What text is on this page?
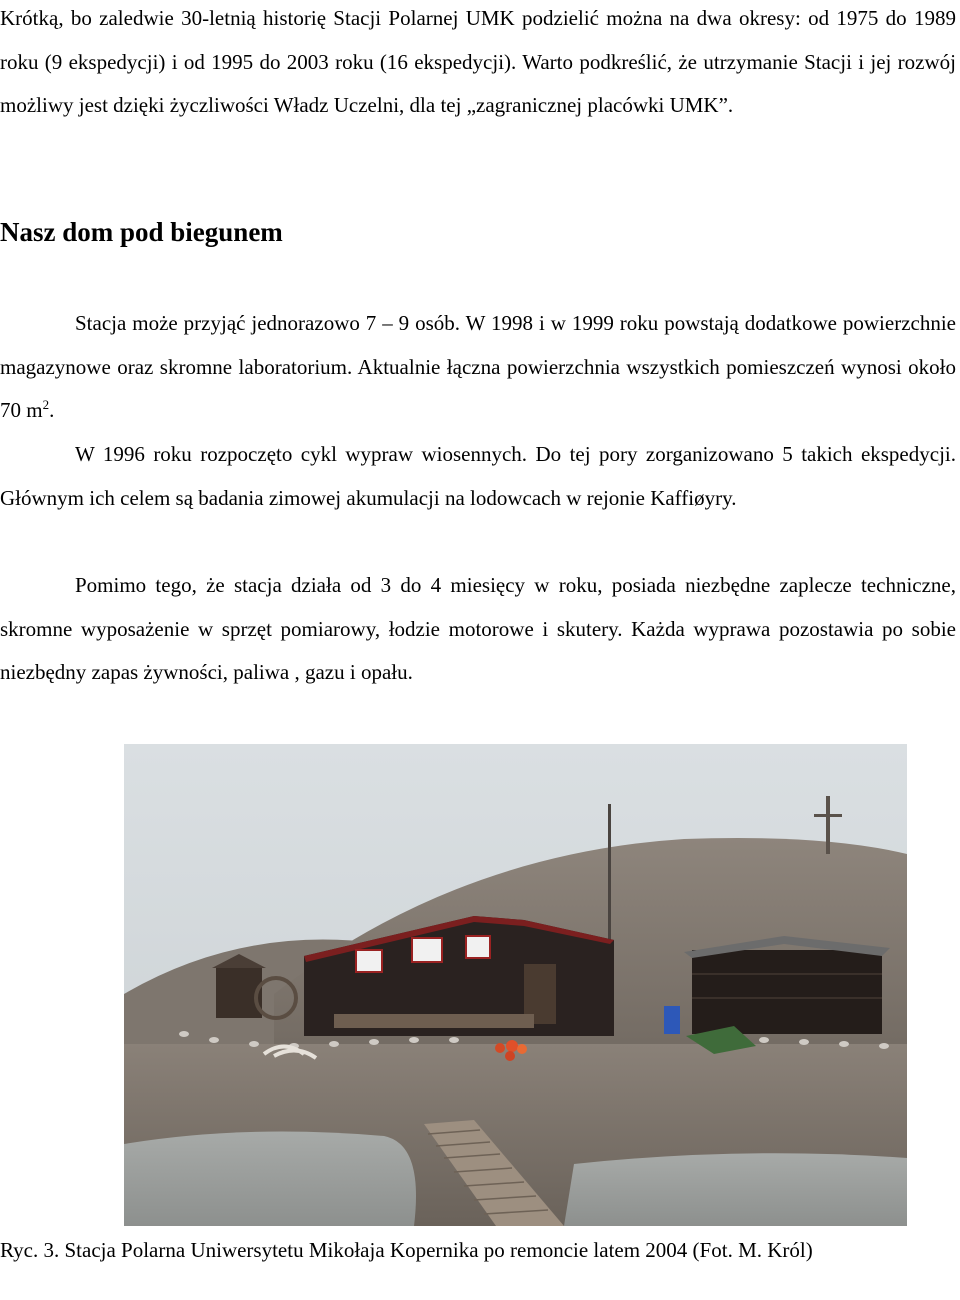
Krótką, bo zaledwie 30-letnią historię Stacji Polarnej UMK podzielić można na dwa okresy: od 1975 do 1989 roku (9 ekspedycji) i od 1995 do 2003 roku (16 ekspedycji). Warto podkreślić, że utrzymanie Stacji i jej rozwój możliwy jest dzięki życzliwości Władz Uczelni, dla tej „zagranicznej placówki UMK”.

Nasz dom pod biegunem

Stacja może przyjąć jednorazowo 7 – 9 osób. W 1998 i w 1999 roku powstają dodatkowe powierzchnie magazynowe oraz skromne laboratorium. Aktualnie łączna powierzchnia wszystkich pomieszczeń wynosi około 70 $m^2$.

W 1996 roku rozpoczęto cykl wypraw wiosennych. Do tej pory zorganizowano 5 takich ekspedycji. Głównym ich celem są badania zimowej akumulacji na lodowcach w rejonie Kaffiøyry.

Pomimo tego, że stacja działa od 3 do 4 miesięcy w roku, posiada niezbędne zaplecze techniczne, skromne wyposażenie w sprzęt pomiarowy, łodzie motorowe i skutery. Każda wyprawa pozostawia po sobie niezbędny zapas żywności, paliwa , gazu i opału.

Ryc. 3. Stacja Polarna Uniwersytetu Mikołaja Kopernika po remoncie latem 2004 (Fot. M. Król)
